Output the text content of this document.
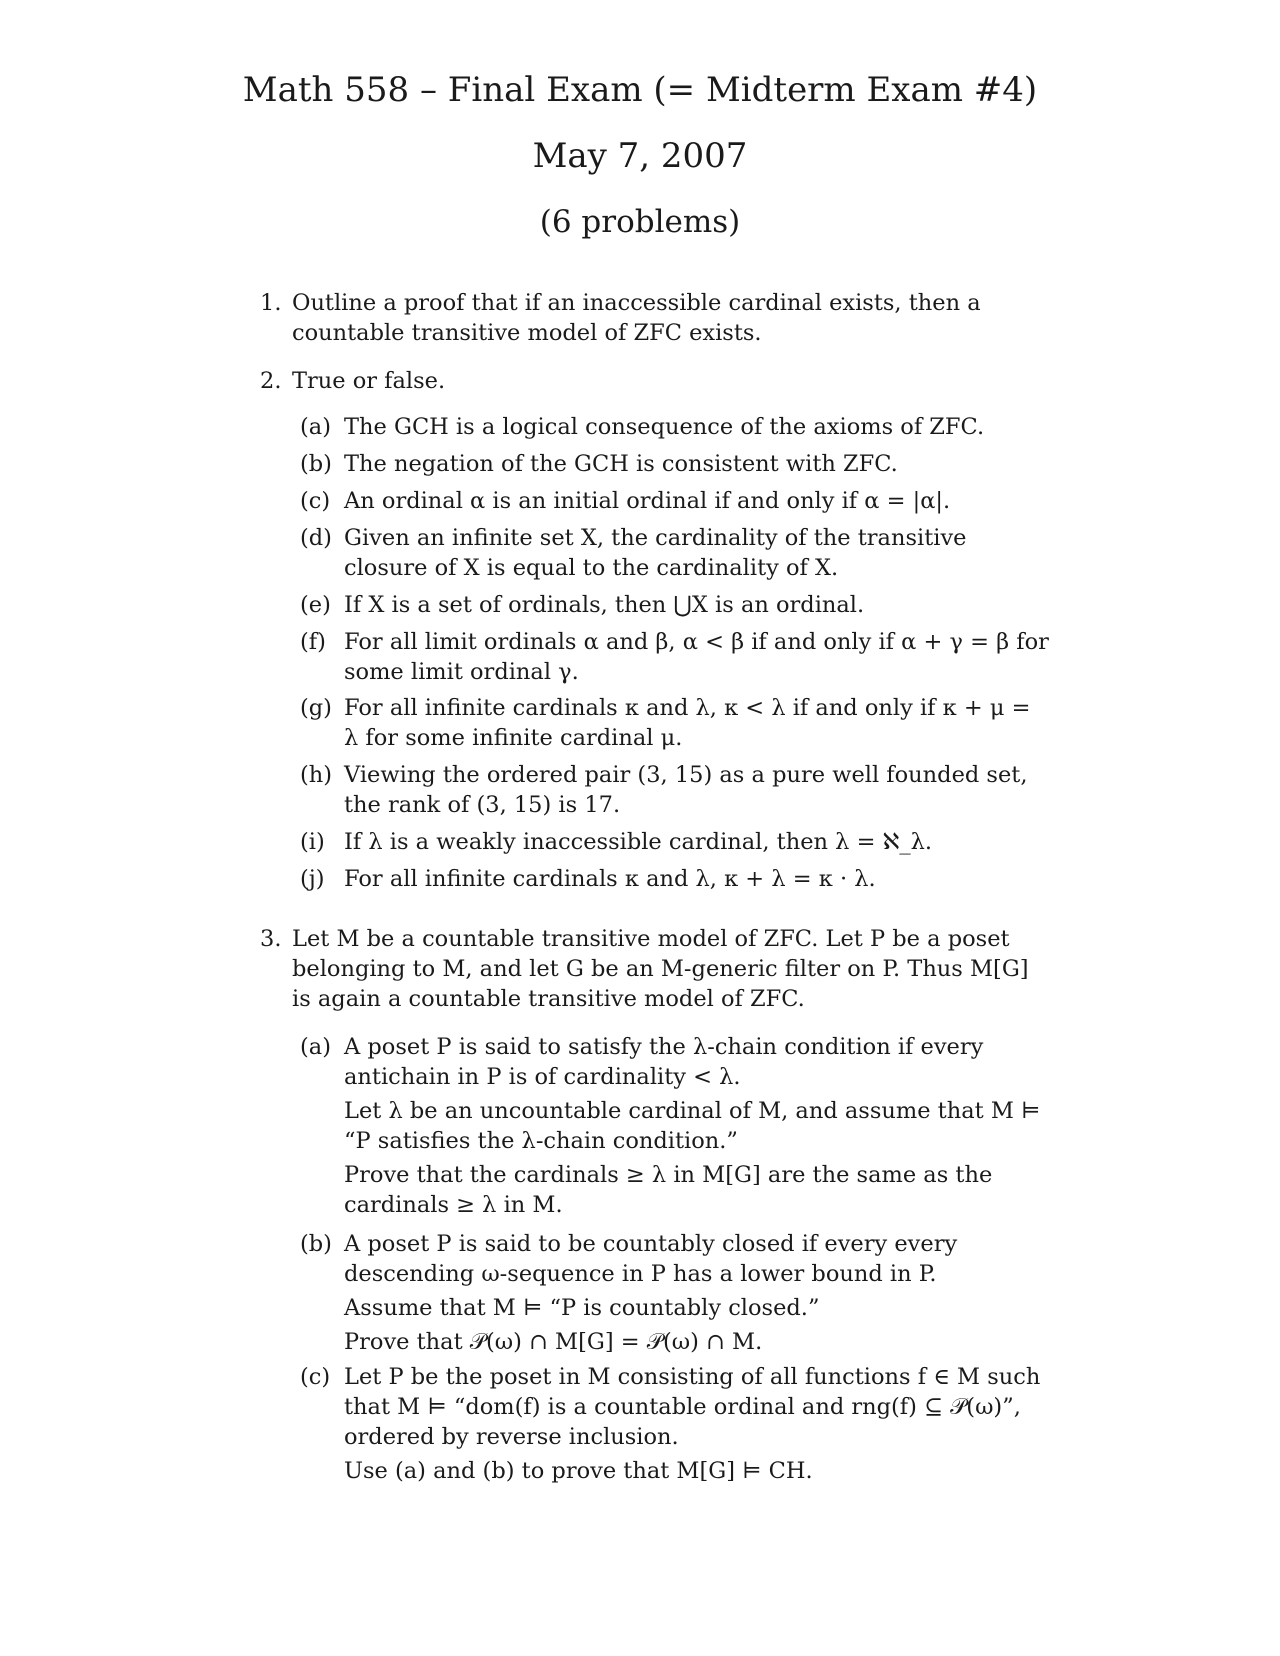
Math 558 – Final Exam (= Midterm Exam #4)
May 7, 2007
(6 problems)
1. Outline a proof that if an inaccessible cardinal exists, then a countable transitive model of ZFC exists.
2. True or false.
(a) The GCH is a logical consequence of the axioms of ZFC.
(b) The negation of the GCH is consistent with ZFC.
(c) An ordinal α is an initial ordinal if and only if α = |α|.
(d) Given an infinite set X, the cardinality of the transitive closure of X is equal to the cardinality of X.
(e) If X is a set of ordinals, then ⋃X is an ordinal.
(f) For all limit ordinals α and β, α < β if and only if α + γ = β for some limit ordinal γ.
(g) For all infinite cardinals κ and λ, κ < λ if and only if κ + μ = λ for some infinite cardinal μ.
(h) Viewing the ordered pair (3, 15) as a pure well founded set, the rank of (3, 15) is 17.
(i) If λ is a weakly inaccessible cardinal, then λ = ℵ_λ.
(j) For all infinite cardinals κ and λ, κ + λ = κ · λ.
3. Let M be a countable transitive model of ZFC. Let P be a poset belonging to M, and let G be an M-generic filter on P. Thus M[G] is again a countable transitive model of ZFC.
(a) A poset P is said to satisfy the λ-chain condition if every antichain in P is of cardinality < λ.
Let λ be an uncountable cardinal of M, and assume that M ⊨ “P satisfies the λ-chain condition.”
Prove that the cardinals ≥ λ in M[G] are the same as the cardinals ≥ λ in M.
(b) A poset P is said to be countably closed if every every descending ω-sequence in P has a lower bound in P.
Assume that M ⊨ “P is countably closed.”
Prove that 𝒫(ω) ∩ M[G] = 𝒫(ω) ∩ M.
(c) Let P be the poset in M consisting of all functions f ∈ M such that M ⊨ “dom(f) is a countable ordinal and rng(f) ⊆ 𝒫(ω)”, ordered by reverse inclusion.
Use (a) and (b) to prove that M[G] ⊨ CH.
